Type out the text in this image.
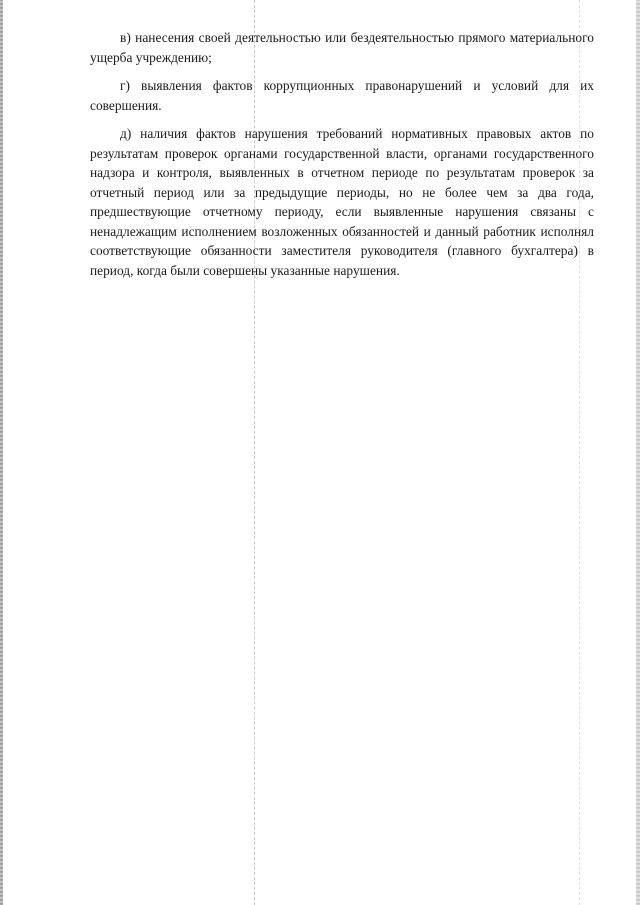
в) нанесения своей деятельностью или бездеятельностью прямого материального ущерба учреждению;

г) выявления фактов коррупционных правонарушений и условий для их совершения.

д) наличия фактов нарушения требований нормативных правовых актов по результатам проверок органами государственной власти, органами государственного надзора и контроля, выявленных в отчетном периоде по результатам проверок за отчетный период или за предыдущие периоды, но не более чем за два года, предшествующие отчетному периоду, если выявленные нарушения связаны с ненадлежащим исполнением возложенных обязанностей и данный работник исполнял соответствующие обязанности заместителя руководителя (главного бухгалтера) в период, когда были совершены указанные нарушения.
